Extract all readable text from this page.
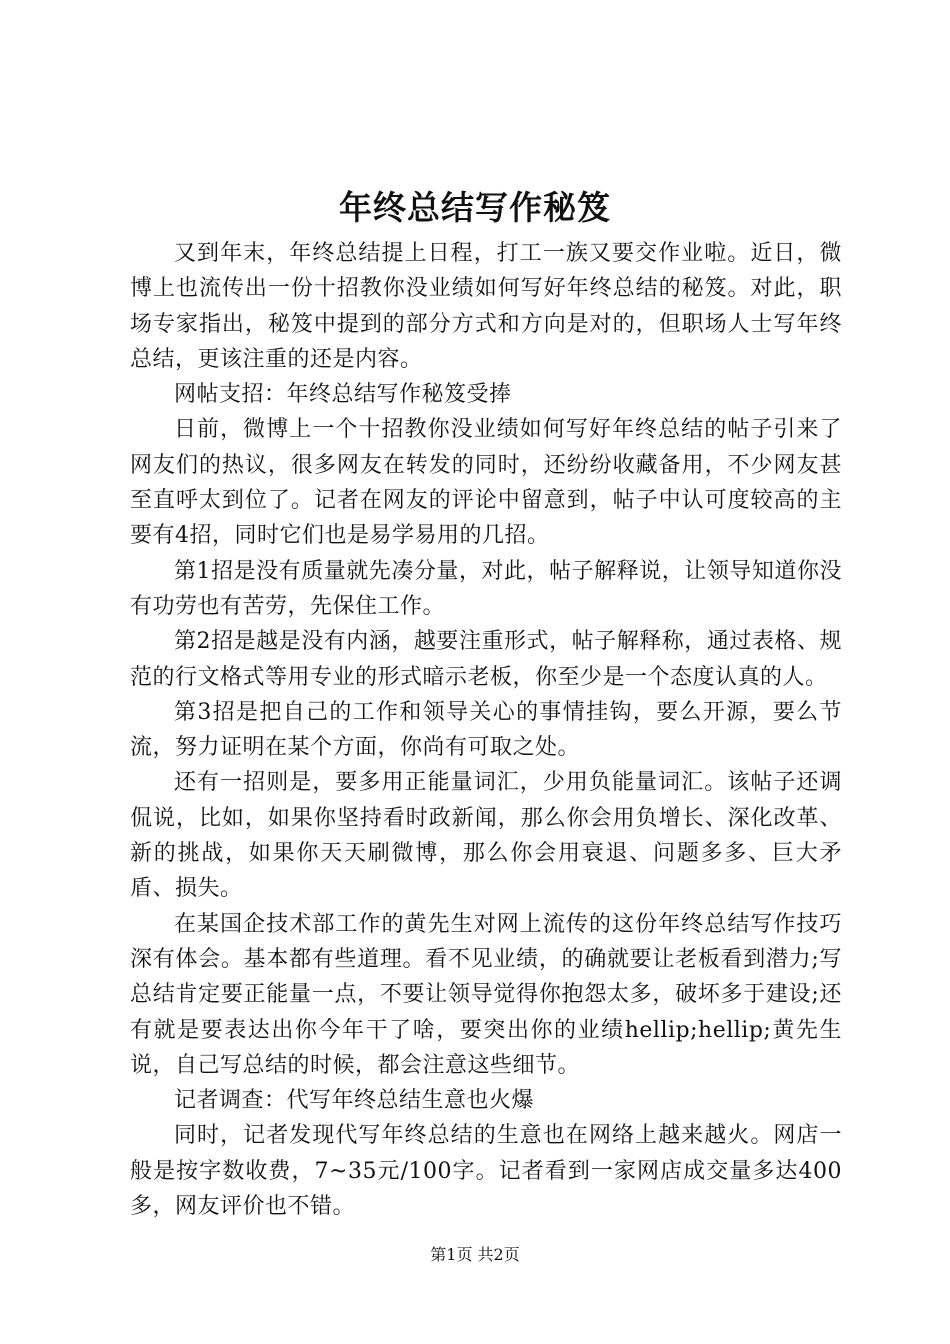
年终总结写作秘笈

又到年末，年终总结提上日程，打工一族又要交作业啦。近日，微博上也流传出一份十招教你没业绩如何写好年终总结的秘笈。对此，职场专家指出，秘笈中提到的部分方式和方向是对的，但职场人士写年终总结，更该注重的还是内容。

网帖支招：年终总结写作秘笈受捧

日前，微博上一个十招教你没业绩如何写好年终总结的帖子引来了网友们的热议，很多网友在转发的同时，还纷纷收藏备用，不少网友甚至直呼太到位了。记者在网友的评论中留意到，帖子中认可度较高的主要有4招，同时它们也是易学易用的几招。

第1招是没有质量就先凑分量，对此，帖子解释说，让领导知道你没有功劳也有苦劳，先保住工作。

第2招是越是没有内涵，越要注重形式，帖子解释称，通过表格、规范的行文格式等用专业的形式暗示老板，你至少是一个态度认真的人。

第3招是把自己的工作和领导关心的事情挂钩，要么开源，要么节流，努力证明在某个方面，你尚有可取之处。

还有一招则是，要多用正能量词汇，少用负能量词汇。该帖子还调侃说，比如，如果你坚持看时政新闻，那么你会用负增长、深化改革、新的挑战，如果你天天刷微博，那么你会用衰退、问题多多、巨大矛盾、损失。

在某国企技术部工作的黄先生对网上流传的这份年终总结写作技巧深有体会。基本都有些道理。看不见业绩，的确就要让老板看到潜力;写总结肯定要正能量一点，不要让领导觉得你抱怨太多，破坏多于建设;还有就是要表达出你今年干了啥，要突出你的业绩hellip;hellip;黄先生说，自己写总结的时候，都会注意这些细节。

记者调查：代写年终总结生意也火爆

同时，记者发现代写年终总结的生意也在网络上越来越火。网店一般是按字数收费，7~35元/100字。记者看到一家网店成交量多达400多，网友评价也不错。

第1页 共2页
